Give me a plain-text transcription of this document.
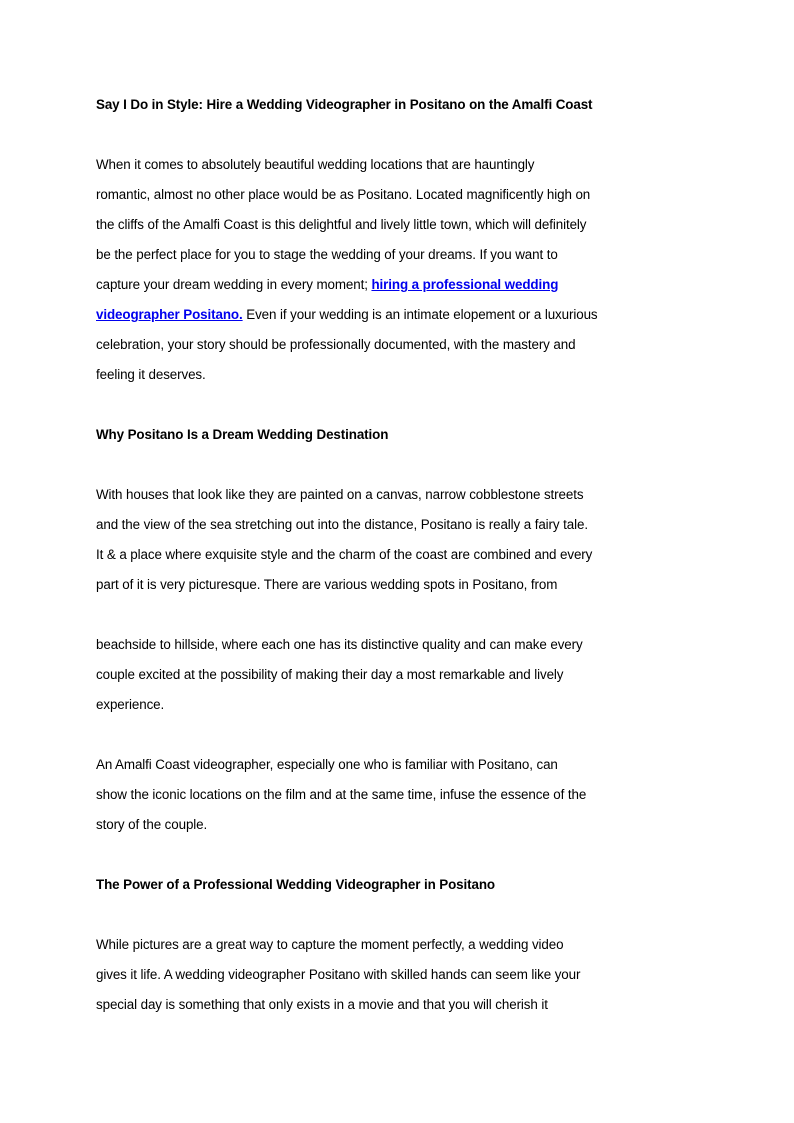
Say I Do in Style: Hire a Wedding Videographer in Positano on the Amalfi Coast
When it comes to absolutely beautiful wedding locations that are hauntingly
romantic, almost no other place would be as Positano. Located magnificently high on
the cliffs of the Amalfi Coast is this delightful and lively little town, which will definitely
be the perfect place for you to stage the wedding of your dreams. If you want to
capture your dream wedding in every moment; hiring a professional wedding
videographer Positano. Even if your wedding is an intimate elopement or a luxurious
celebration, your story should be professionally documented, with the mastery and
feeling it deserves.
Why Positano Is a Dream Wedding Destination
With houses that look like they are painted on a canvas, narrow cobblestone streets
and the view of the sea stretching out into the distance, Positano is really a fairy tale.
It & a place where exquisite style and the charm of the coast are combined and every
part of it is very picturesque. There are various wedding spots in Positano, from
beachside to hillside, where each one has its distinctive quality and can make every
couple excited at the possibility of making their day a most remarkable and lively
experience.
An Amalfi Coast videographer, especially one who is familiar with Positano, can
show the iconic locations on the film and at the same time, infuse the essence of the
story of the couple.
The Power of a Professional Wedding Videographer in Positano
While pictures are a great way to capture the moment perfectly, a wedding video
gives it life. A wedding videographer Positano with skilled hands can seem like your
special day is something that only exists in a movie and that you will cherish it
